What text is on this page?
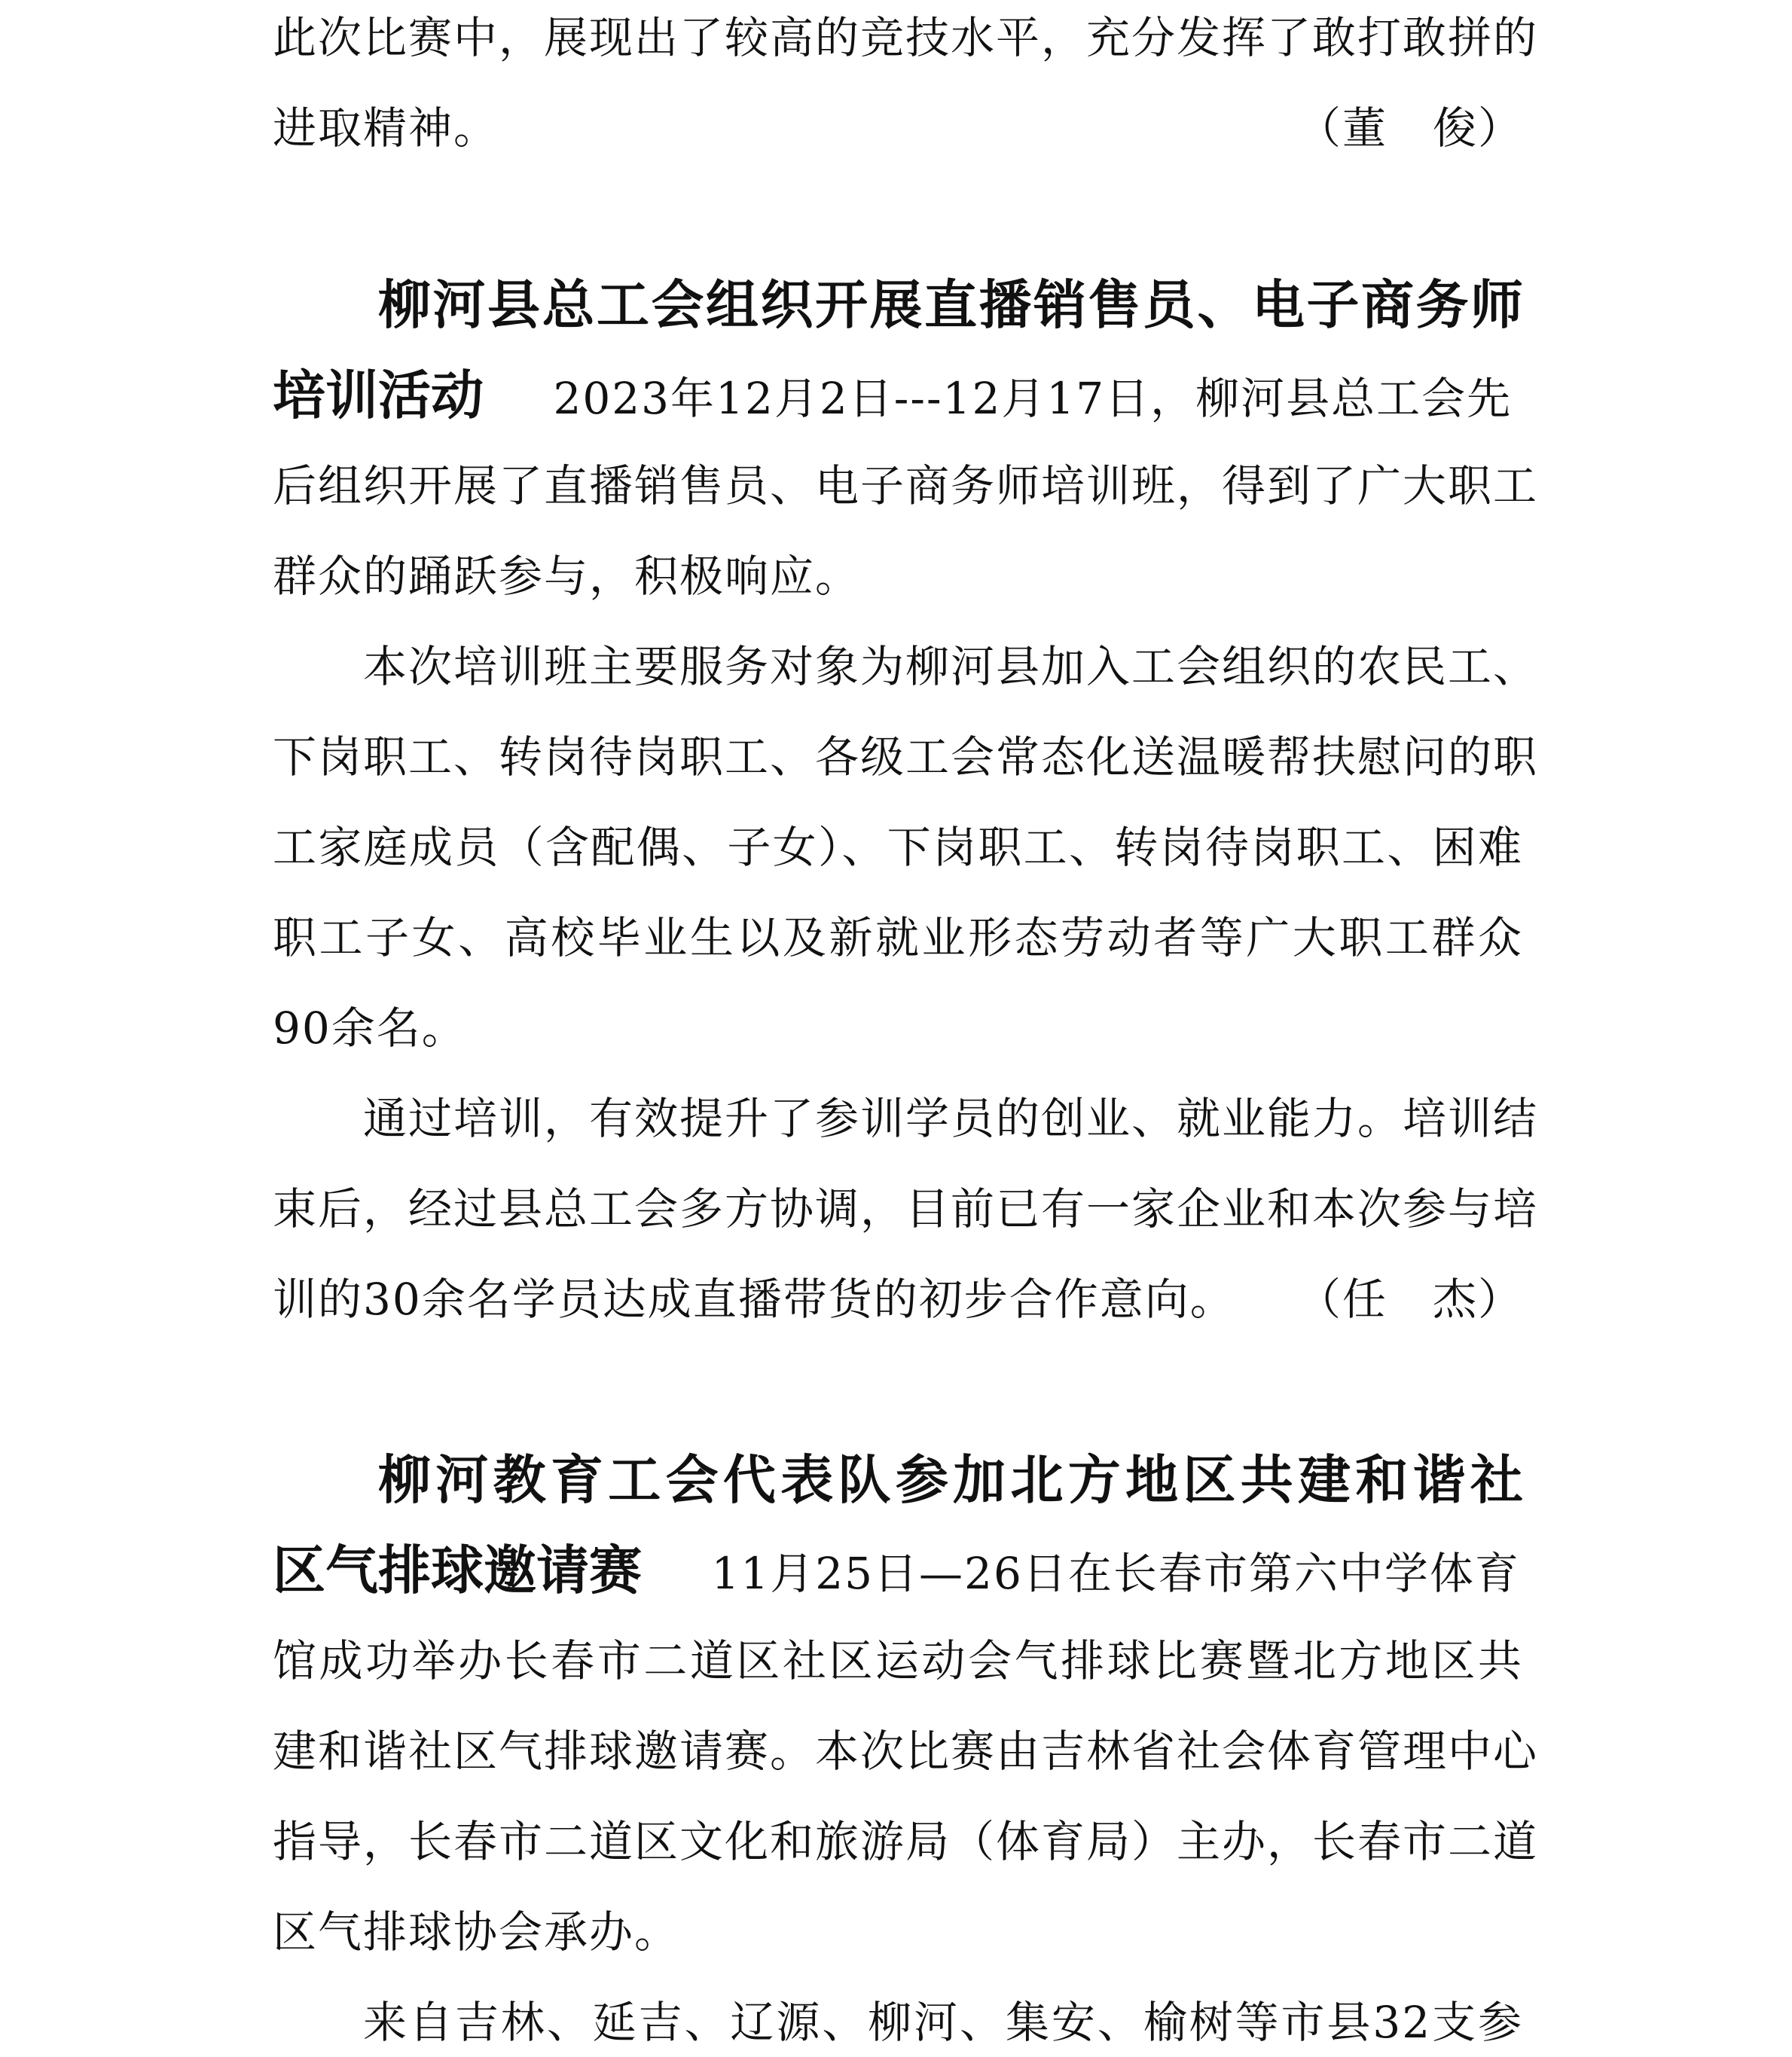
此次比赛中，展现出了较高的竞技水平，充分发挥了敢打敢拼的
进取精神。	（董　俊）
柳河县总工会组织开展直播销售员、电子商务师
培训活动 2023年12月2日---12月17日，柳河县总工会先
后组织开展了直播销售员、电子商务师培训班，得到了广大职工
群众的踊跃参与，积极响应。
本次培训班主要服务对象为柳河县加入工会组织的农民工、
下岗职工、转岗待岗职工、各级工会常态化送温暖帮扶慰问的职
工家庭成员（含配偶、子女）、下岗职工、转岗待岗职工、困难
职工子女、高校毕业生以及新就业形态劳动者等广大职工群众
90余名。
通过培训，有效提升了参训学员的创业、就业能力。培训结
束后，经过县总工会多方协调，目前已有一家企业和本次参与培
训的30余名学员达成直播带货的初步合作意向。 （任　杰）
柳河教育工会代表队参加北方地区共建和谐社
区气排球邀请赛 11月25日—26日在长春市第六中学体育
馆成功举办长春市二道区社区运动会气排球比赛暨北方地区共
建和谐社区气排球邀请赛。本次比赛由吉林省社会体育管理中心
指导，长春市二道区文化和旅游局（体育局）主办，长春市二道
区气排球协会承办。
来自吉林、延吉、辽源、柳河、集安、榆树等市县32支参
